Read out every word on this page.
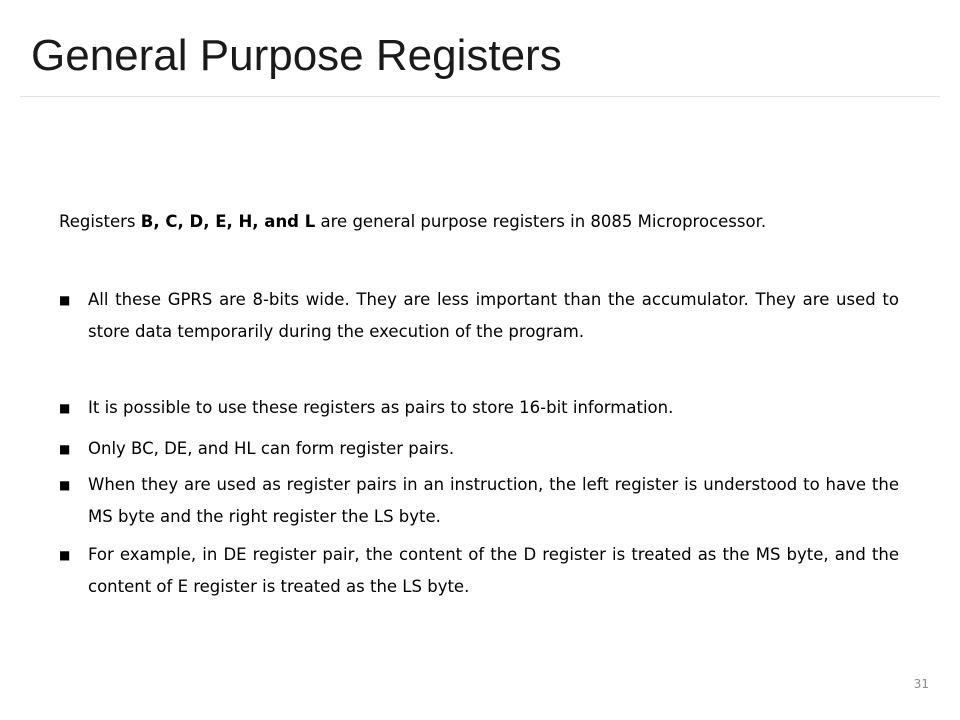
General Purpose Registers

Registers B, C, D, E, H, and L are general purpose registers in 8085 Microprocessor.

■	All these GPRS are 8-bits wide. They are less important than the accumulator. They are used to store data temporarily during the execution of the program.
■	It is possible to use these registers as pairs to store 16-bit information.
■	Only BC, DE, and HL can form register pairs.
■	When they are used as register pairs in an instruction, the left register is understood to have the MS byte and the right register the LS byte.
■	For example, in DE register pair, the content of the D register is treated as the MS byte, and the content of E register is treated as the LS byte.
31
